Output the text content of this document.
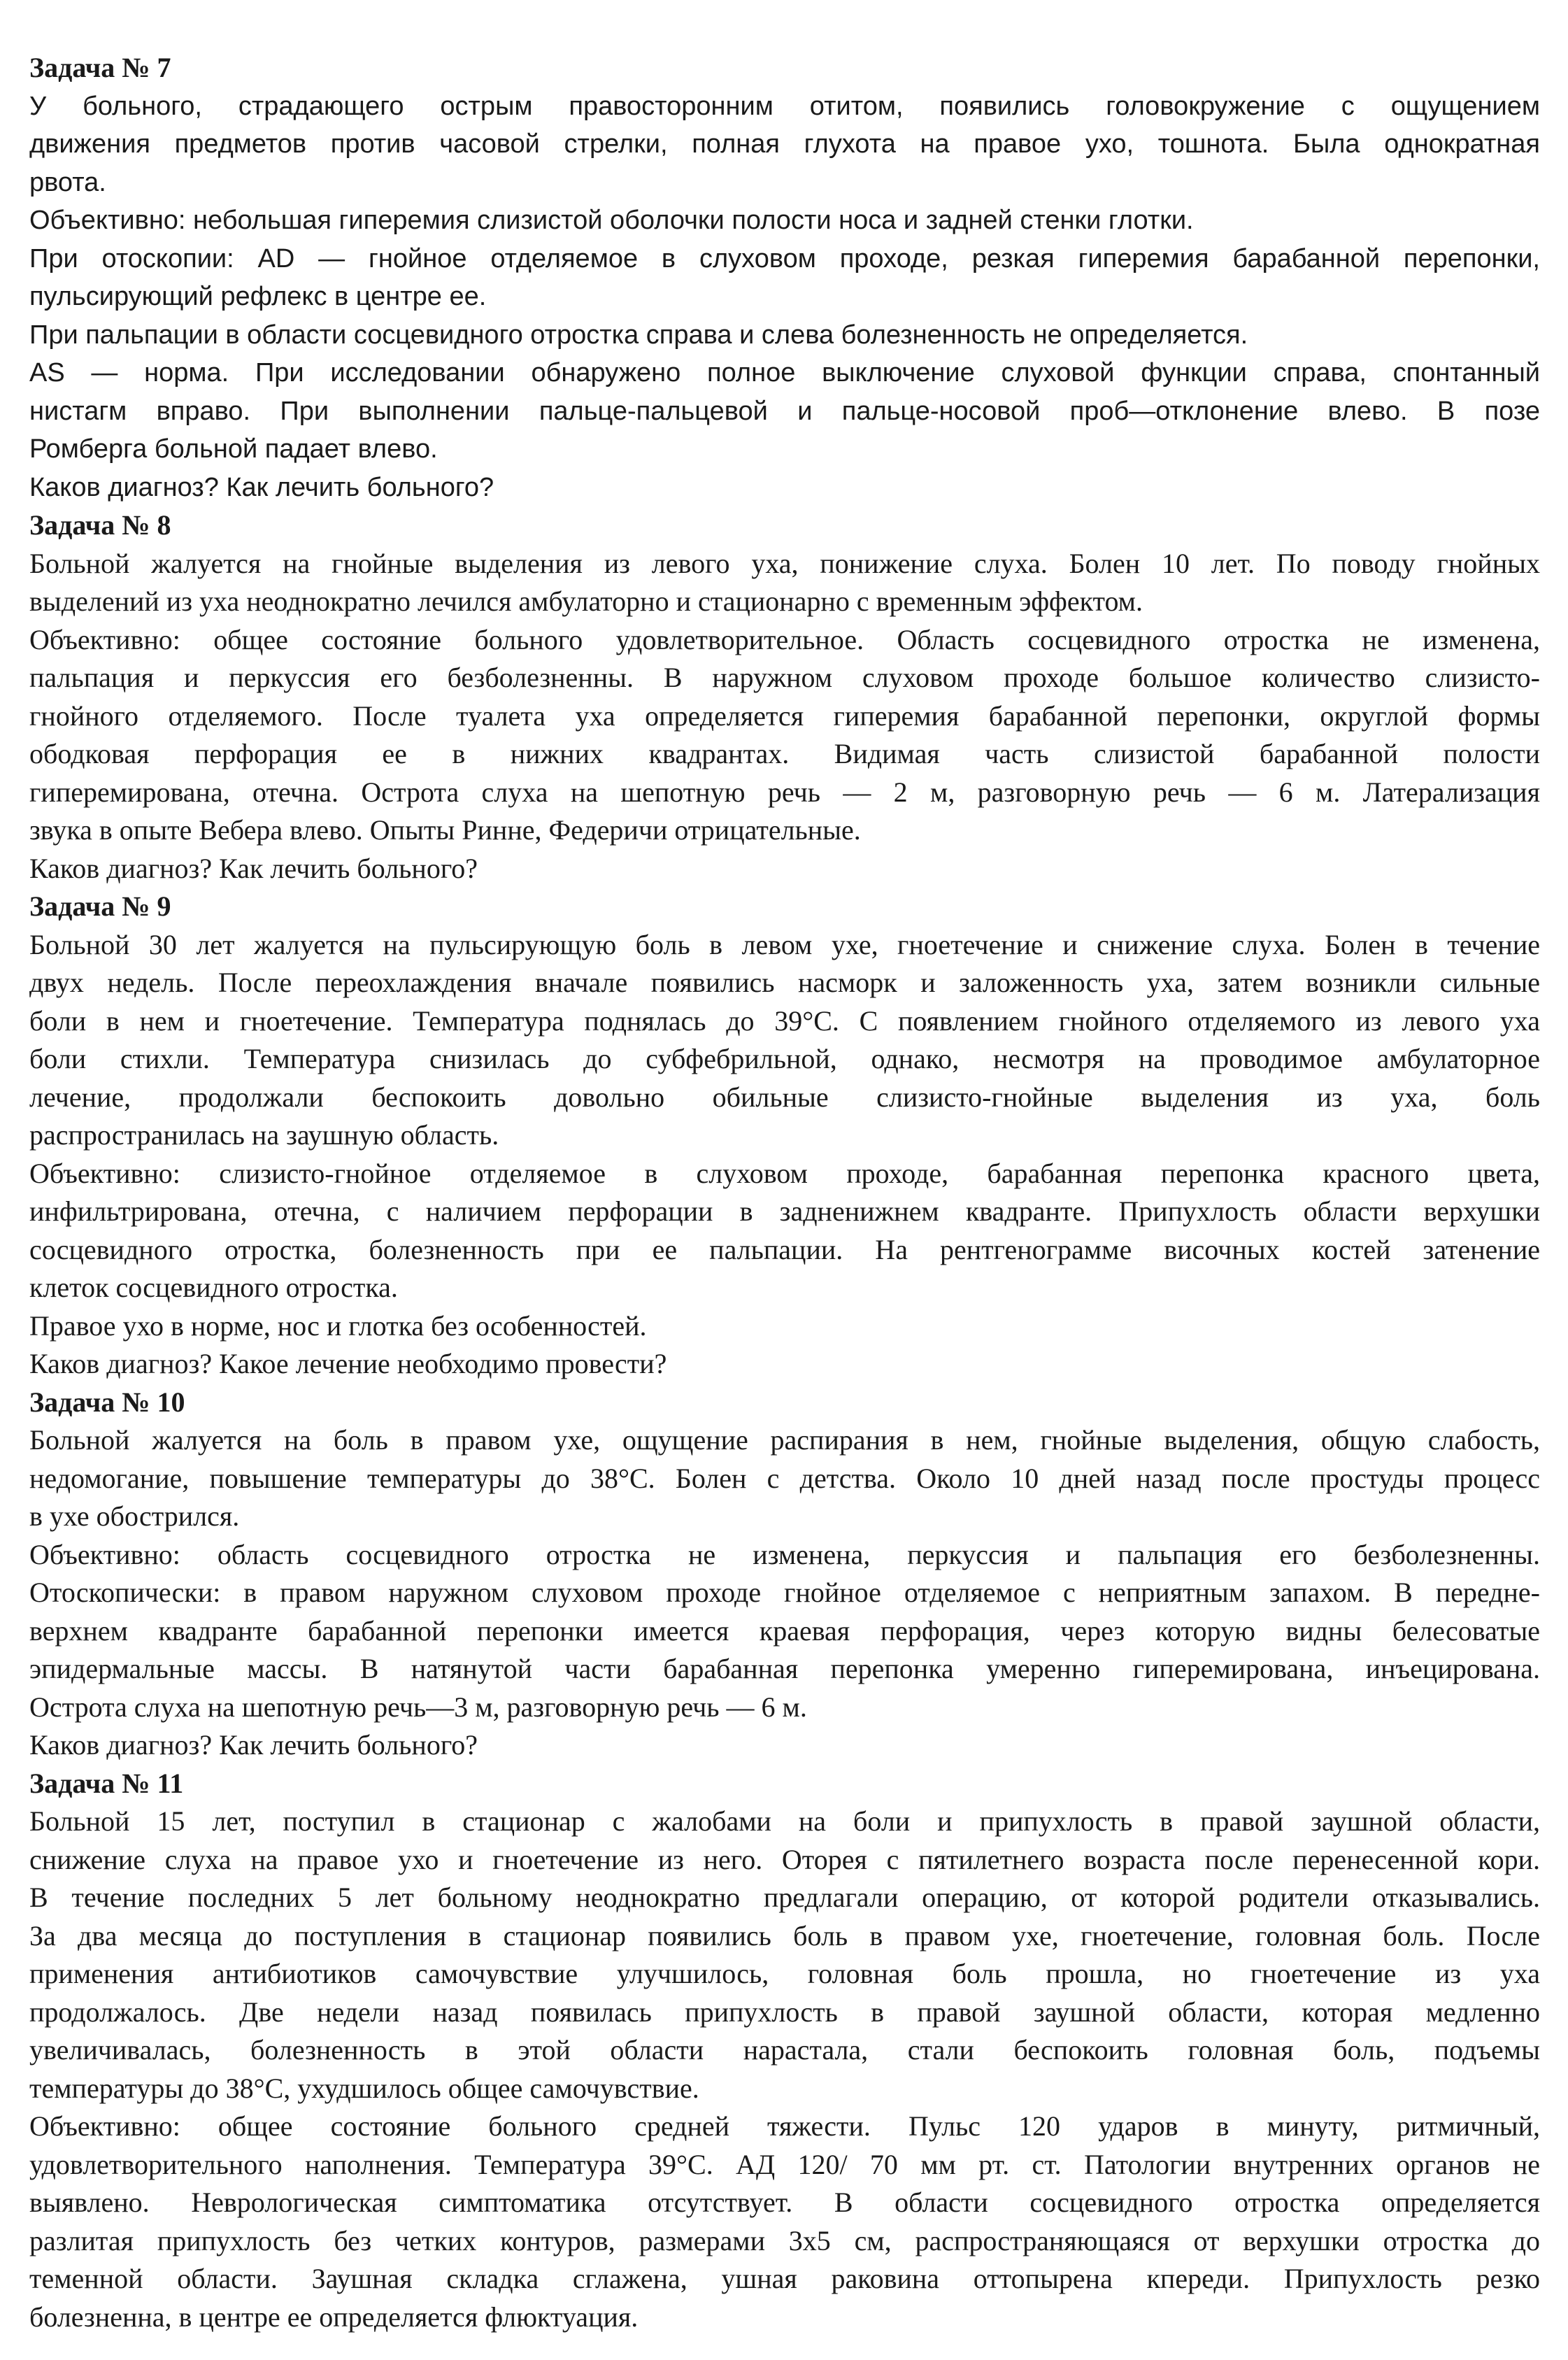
Задача № 7
У больного, страдающего острым правосторонним отитом, появились головокружение с ощущением
движения предметов против часовой стрелки, полная глухота на правое ухо, тошнота. Была однократная
рвота.
Объективно: небольшая гиперемия слизистой оболочки полости носа и задней стенки глотки.
При отоскопии: AD — гнойное отделяемое в слуховом проходе, резкая гиперемия барабанной перепонки,
пульсирующий рефлекс в центре ее.
При пальпации в области сосцевидного отростка справа и слева болезненность не определяется.
AS — норма. При исследовании обнаружено полное выключение слуховой функции справа, спонтанный
нистагм вправо. При выполнении пальце-пальцевой и пальце-носовой проб—отклонение влево. В позе
Ромберга больной падает влево.
Каков диагноз? Как лечить больного?
Задача № 8
Больной жалуется на гнойные выделения из левого уха, понижение слуха. Болен 10 лет. По поводу гнойных
выделений из уха неоднократно лечился амбулаторно и стационарно с временным эффектом.
Объективно: общее состояние больного удовлетворительное. Область сосцевидного отростка не изменена,
пальпация и перкуссия его безболезненны. В наружном слуховом проходе большое количество слизисто-
гнойного отделяемого. После туалета уха определяется гиперемия барабанной перепонки, округлой формы
ободковая перфорация ее в нижних квадрантах. Видимая часть слизистой барабанной полости
гиперемирована, отечна. Острота слуха на шепотную речь — 2 м, разговорную речь — 6 м. Латерализация
звука в опыте Вебера влево. Опыты Ринне, Федеричи отрицательные.
Каков диагноз? Как лечить больного?
Задача № 9
Больной 30 лет жалуется на пульсирующую боль в левом ухе, гноетечение и снижение слуха. Болен в течение
двух недель. После переохлаждения вначале появились насморк и заложенность уха, затем возникли сильные
боли в нем и гноетечение. Температура поднялась до 39°С. С появлением гнойного отделяемого из левого уха
боли стихли. Температура снизилась до субфебрильной, однако, несмотря на проводимое амбулаторное
лечение, продолжали беспокоить довольно обильные слизисто-гнойные выделения из уха, боль
распространилась на заушную область.
Объективно: слизисто-гнойное отделяемое в слуховом проходе, барабанная перепонка красного цвета,
инфильтрирована, отечна, с наличием перфорации в задненижнем квадранте. Припухлость области верхушки
сосцевидного отростка, болезненность при ее пальпации. На рентгенограмме височных костей затенение
клеток сосцевидного отростка.
Правое ухо в норме, нос и глотка без особенностей.
Каков диагноз? Какое лечение необходимо провести?
Задача № 10
Больной жалуется на боль в правом ухе, ощущение распирания в нем, гнойные выделения, общую слабость,
недомогание, повышение температуры до 38°С. Болен с детства. Около 10 дней назад после простуды процесс
в ухе обострился.
Объективно: область сосцевидного отростка не изменена, перкуссия и пальпация его безболезненны.
Отоскопически: в правом наружном слуховом проходе гнойное отделяемое с неприятным запахом. В передне-
верхнем квадранте барабанной перепонки имеется краевая перфорация, через которую видны белесоватые
эпидермальные массы. В натянутой части барабанная перепонка умеренно гиперемирована, инъецирована.
Острота слуха на шепотную речь—3 м, разговорную речь — 6 м.
Каков диагноз? Как лечить больного?
Задача № 11
Больной 15 лет, поступил в стационар с жалобами на боли и припухлость в правой заушной области,
снижение слуха на правое ухо и гноетечение из него. Оторея с пятилетнего возраста после перенесенной кори.
В течение последних 5 лет больному неоднократно предлагали операцию, от которой родители отказывались.
За два месяца до поступления в стационар появились боль в правом ухе, гноетечение, головная боль. После
применения антибиотиков самочувствие улучшилось, головная боль прошла, но гноетечение из уха
продолжалось. Две недели назад появилась припухлость в правой заушной области, которая медленно
увеличивалась, болезненность в этой области нарастала, стали беспокоить головная боль, подъемы
температуры до 38°С, ухудшилось общее самочувствие.
Объективно: общее состояние больного средней тяжести. Пульс 120 ударов в минуту, ритмичный,
удовлетворительного наполнения. Температура 39°С. АД 120/ 70 мм рт. ст. Патологии внутренних органов не
выявлено. Неврологическая симптоматика отсутствует. В области сосцевидного отростка определяется
разлитая припухлость без четких контуров, размерами 3х5 см, распространяющаяся от верхушки отростка до
теменной области. Заушная складка сглажена, ушная раковина оттопырена кпереди. Припухлость резко
болезненна, в центре ее определяется флюктуация.
